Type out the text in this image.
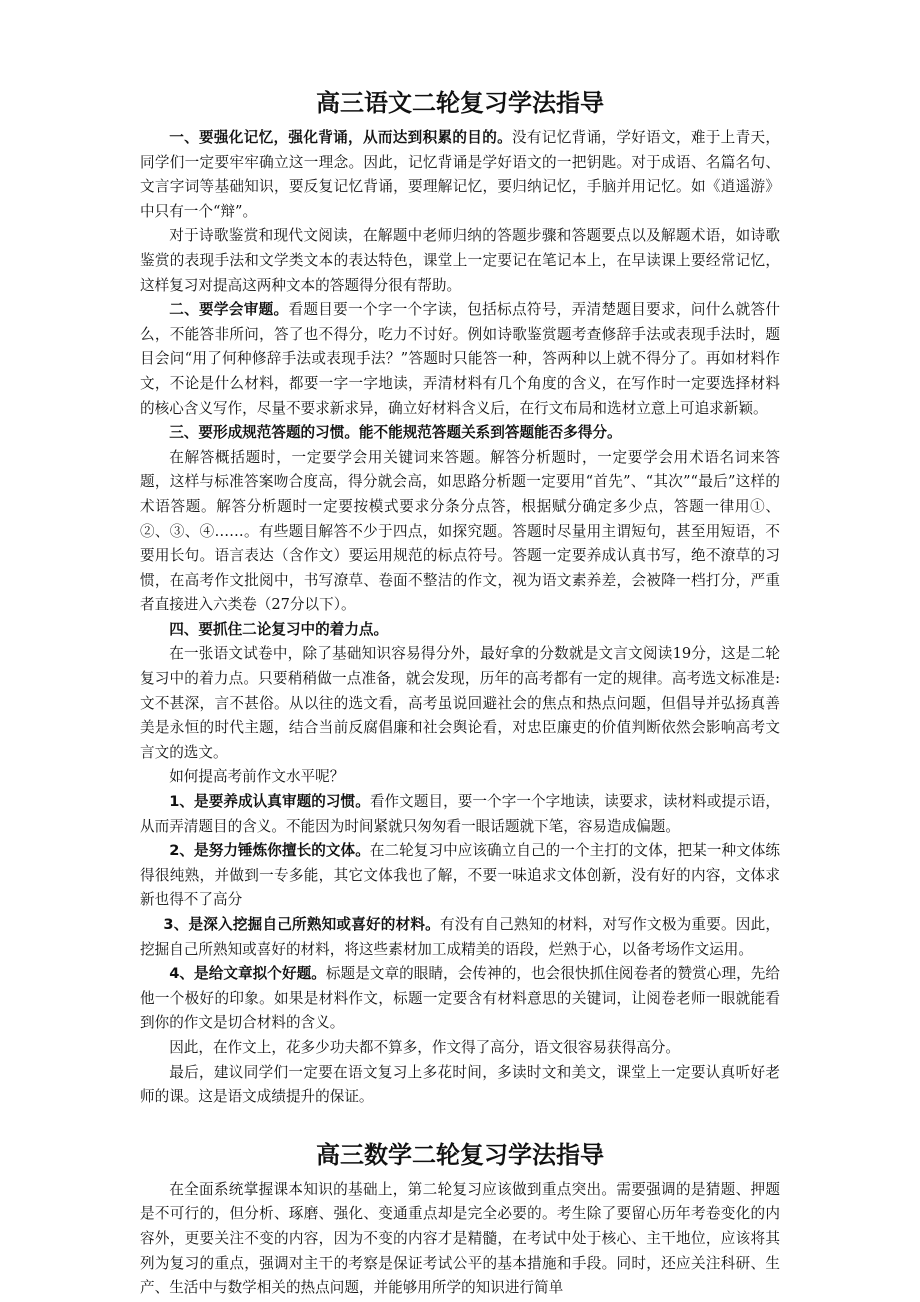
高三语文二轮复习学法指导

一、要强化记忆，强化背诵，从而达到积累的目的。没有记忆背诵，学好语文，难于上青天，同学们一定要牢牢确立这一理念。因此，记忆背诵是学好语文的一把钥匙。对于成语、名篇名句、文言字词等基础知识，要反复记忆背诵，要理解记忆，要归纳记忆，手脑并用记忆。如《逍遥游》中只有一个“辩”。

对于诗歌鉴赏和现代文阅读，在解题中老师归纳的答题步骤和答题要点以及解题术语，如诗歌鉴赏的表现手法和文学类文本的表达特色，课堂上一定要记在笔记本上，在早读课上要经常记忆，这样复习对提高这两种文本的答题得分很有帮助。

二、要学会审题。看题目要一个字一个字读，包括标点符号，弄清楚题目要求，问什么就答什么，不能答非所问，答了也不得分，吃力不讨好。例如诗歌鉴赏题考查修辞手法或表现手法时，题目会问“用了何种修辞手法或表现手法？”答题时只能答一种，答两种以上就不得分了。再如材料作文，不论是什么材料，都要一字一字地读，弄清材料有几个角度的含义，在写作时一定要选择材料的核心含义写作，尽量不要求新求异，确立好材料含义后，在行文布局和选材立意上可追求新颖。

三、要形成规范答题的习惯。能不能规范答题关系到答题能否多得分。

在解答概括题时，一定要学会用关键词来答题。解答分析题时，一定要学会用术语名词来答题，这样与标准答案吻合度高，得分就会高，如思路分析题一定要用“首先”、“其次”“最后”这样的术语答题。解答分析题时一定要按模式要求分条分点答，根据赋分确定多少点，答题一律用①、②、③、④……。有些题目解答不少于四点，如探究题。答题时尽量用主谓短句，甚至用短语，不要用长句。语言表达（含作文）要运用规范的标点符号。答题一定要养成认真书写，绝不潦草的习惯，在高考作文批阅中，书写潦草、卷面不整洁的作文，视为语文素养差，会被降一档打分，严重者直接进入六类卷（27分以下）。

四、要抓住二论复习中的着力点。

在一张语文试卷中，除了基础知识容易得分外，最好拿的分数就是文言文阅读19分，这是二轮复习中的着力点。只要稍稍做一点准备，就会发现，历年的高考都有一定的规律。高考选文标准是: 文不甚深，言不甚俗。从以往的选文看，高考虽说回避社会的焦点和热点问题，但倡导并弘扬真善美是永恒的时代主题，结合当前反腐倡廉和社会舆论看，对忠臣廉吏的价值判断依然会影响高考文言文的选文。

如何提高考前作文水平呢？

1、是要养成认真审题的习惯。看作文题目，要一个字一个字地读，读要求，读材料或提示语，从而弄清题目的含义。不能因为时间紧就只匆匆看一眼话题就下笔，容易造成偏题。

2、是努力锤炼你擅长的文体。在二轮复习中应该确立自己的一个主打的文体，把某一种文体练得很纯熟，并做到一专多能，其它文体我也了解，不要一味追求文体创新，没有好的内容，文体求新也得不了高分

3、是深入挖掘自己所熟知或喜好的材料。有没有自己熟知的材料，对写作文极为重要。因此，挖掘自己所熟知或喜好的材料，将这些素材加工成精美的语段，烂熟于心，以备考场作文运用。

4、是给文章拟个好题。标题是文章的眼睛，会传神的，也会很快抓住阅卷者的赞赏心理，先给他一个极好的印象。如果是材料作文，标题一定要含有材料意思的关键词，让阅卷老师一眼就能看到你的作文是切合材料的含义。

因此，在作文上，花多少功夫都不算多，作文得了高分，语文很容易获得高分。

最后，建议同学们一定要在语文复习上多花时间，多读时文和美文，课堂上一定要认真听好老师的课。这是语文成绩提升的保证。

高三数学二轮复习学法指导

在全面系统掌握课本知识的基础上，第二轮复习应该做到重点突出。需要强调的是猜题、押题是不可行的，但分析、琢磨、强化、变通重点却是完全必要的。考生除了要留心历年考卷变化的内容外，更要关注不变的内容，因为不变的内容才是精髓，在考试中处于核心、主干地位，应该将其列为复习的重点，强调对主干的考察是保证考试公平的基本措施和手段。同时，还应关注科研、生产、生活中与数学相关的热点问题，并能够用所学的知识进行简单
